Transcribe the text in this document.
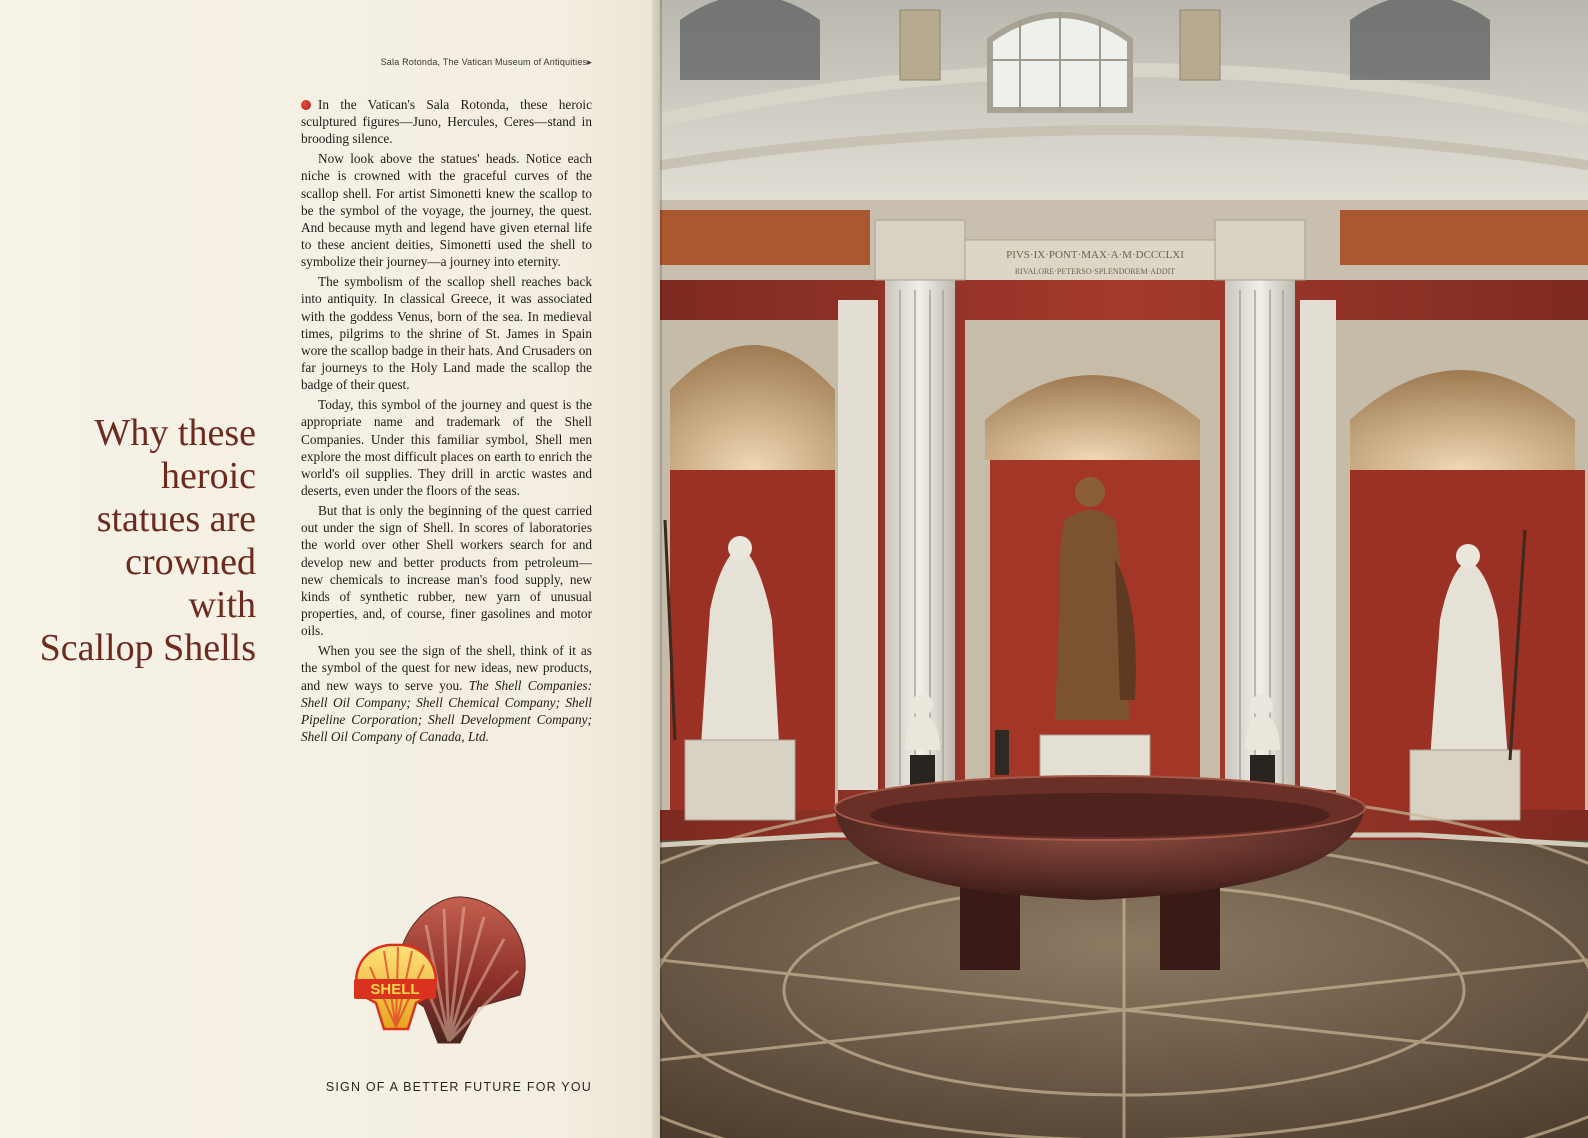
Sala Rotonda, The Vatican Museum of Antiquities▸
Why these
heroic
statues are
crowned
with
Scallop Shells

In the Vatican's Sala Rotonda, these heroic sculptured figures—Juno, Hercules, Ceres—stand in brooding silence.

Now look above the statues' heads. Notice each niche is crowned with the graceful curves of the scallop shell. For artist Simonetti knew the scallop to be the symbol of the voyage, the journey, the quest. And because myth and legend have given eternal life to these ancient deities, Simonetti used the shell to symbolize their journey—a journey into eternity.

The symbolism of the scallop shell reaches back into antiquity. In classical Greece, it was associated with the goddess Venus, born of the sea. In medieval times, pilgrims to the shrine of St. James in Spain wore the scallop badge in their hats. And Crusaders on far journeys to the Holy Land made the scallop the badge of their quest.

Today, this symbol of the journey and quest is the appropriate name and trademark of the Shell Companies. Under this familiar symbol, Shell men explore the most difficult places on earth to enrich the world's oil supplies. They drill in arctic wastes and deserts, even under the floors of the seas.

But that is only the beginning of the quest carried out under the sign of Shell. In scores of laboratories the world over other Shell workers search for and develop new and better products from petroleum—new chemicals to increase man's food supply, new kinds of synthetic rubber, new yarn of unusual properties, and, of course, finer gasolines and motor oils.

When you see the sign of the shell, think of it as the symbol of the quest for new ideas, new products, and new ways to serve you. The Shell Companies: Shell Oil Company; Shell Chemical Company; Shell Pipeline Corporation; Shell Development Company; Shell Oil Company of Canada, Ltd.

SHELL
SIGN OF A BETTER FUTURE FOR YOU
PIVS·IX·PONT·MAX·A·M·DCCCLXI
RIVALORE·PETERSO·SPLENDOREM·ADDIT
